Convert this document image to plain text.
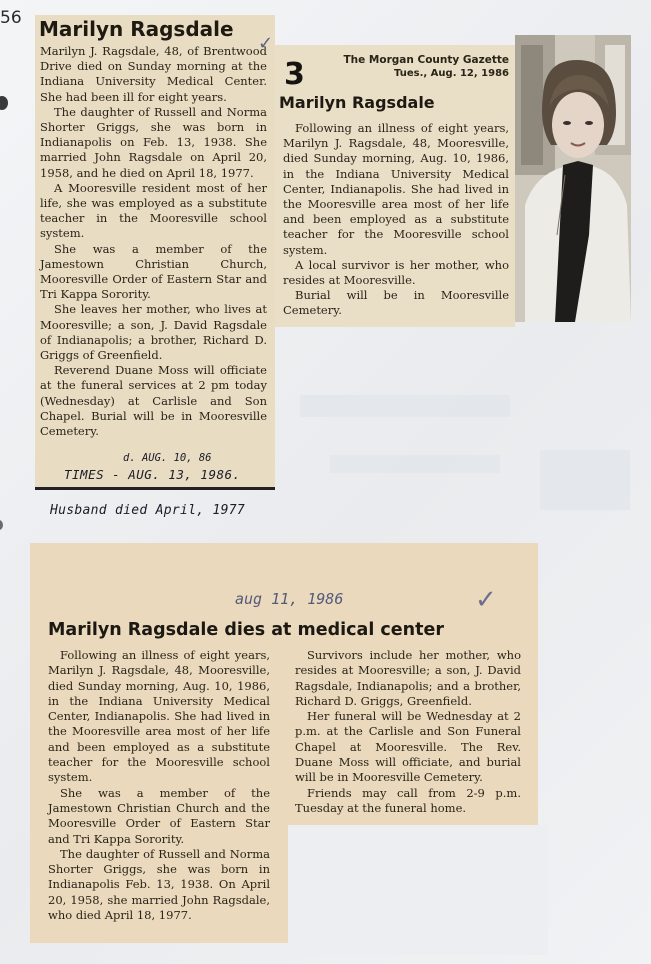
56 Marilyn Ragsdale
✓

Marilyn J. Ragsdale, 48, of Brentwood Drive died on Sunday morning at the Indiana University Medical Center. She had been ill for eight years.

The daughter of Russell and Norma Shorter Griggs, she was born in Indianapolis on Feb. 13, 1938. She married John Ragsdale on April 20, 1958, and he died on April 18, 1977.

A Mooresville resident most of her life, she was employed as a substitute teacher in the Mooresville school system.

She was a member of the Jamestown Christian Church, Mooresville Order of Eastern Star and Tri Kappa Sorority.

She leaves her mother, who lives at Mooresville; a son, J. David Ragsdale of Indianapolis; a brother, Richard D. Griggs of Greenfield.

Reverend Duane Moss will officiate at the funeral services at 2 pm today (Wednesday) at Carlisle and Son Chapel. Burial will be in Mooresville Cemetery.

d. AUG. 10, 86
TIMES - AUG. 13, 1986.
Husband died April, 1977
3	The Morgan County Gazette
Tues., Aug. 12, 1986
Marilyn Ragsdale

Following an illness of eight years, Marilyn J. Ragsdale, 48, Mooresville, died Sunday morning, Aug. 10, 1986, in the Indiana University Medical Center, Indianapolis. She had lived in the Mooresville area most of her life and been employed as a substitute teacher for the Mooresville school system.

A local survivor is her mother, who resides at Mooresville.

Burial will be in Mooresville Cemetery.

aug 11, 1986	✓
Marilyn Ragsdale dies at medical center

Following an illness of eight years, Marilyn J. Ragsdale, 48, Mooresville, died Sunday morning, Aug. 10, 1986, in the Indiana University Medical Center, Indianapolis. She had lived in the Mooresville area most of her life and been employed as a substitute teacher for the Mooresville school system.

She was a member of the Jamestown Christian Church and the Mooresville Order of Eastern Star and Tri Kappa Sorority.

The daughter of Russell and Norma Shorter Griggs, she was born in Indianapolis Feb. 13, 1938. On April 20, 1958, she married John Ragsdale, who died April 18, 1977.

Survivors include her mother, who resides at Mooresville; a son, J. David Ragsdale, Indianapolis; and a brother, Richard D. Griggs, Greenfield.

Her funeral will be Wednesday at 2 p.m. at the Carlisle and Son Funeral Chapel at Mooresville. The Rev. Duane Moss will officiate, and burial will be in Mooresville Cemetery.

Friends may call from 2-9 p.m. Tuesday at the funeral home.
